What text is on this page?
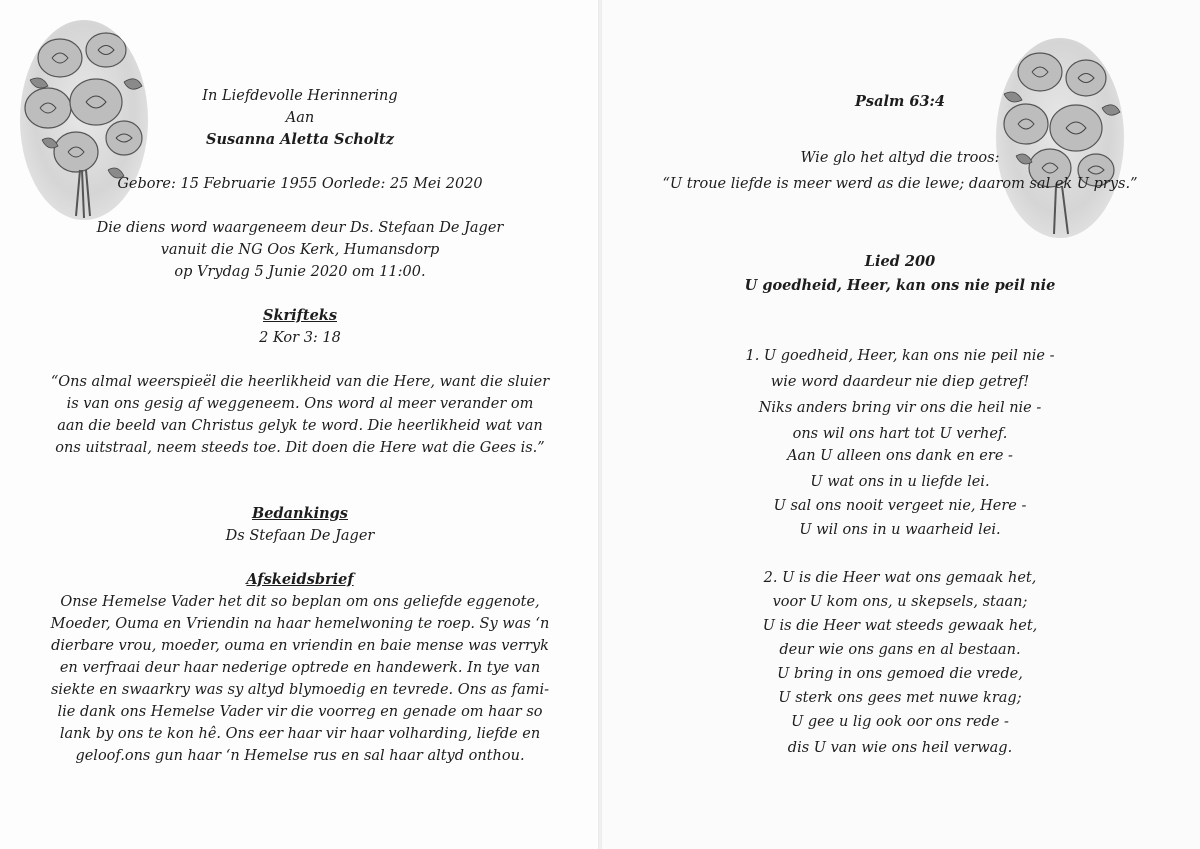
In Liefdevolle Herinnering

Aan

Susanna Aletta Scholtz

Gebore: 15 Februarie 1955 Oorlede: 25 Mei 2020

Die diens word waargeneem deur Ds. Stefaan De Jager

vanuit die NG Oos Kerk, Humansdorp

op Vrydag 5 Junie 2020 om 11:00.

Skrifteks

2 Kor 3: 18

“Ons almal weerspieël die heerlikheid van die Here, want die sluier

is van ons gesig af weggeneem. Ons word al meer verander om

aan die beeld van Christus gelyk te word. Die heerlikheid wat van

ons uitstraal, neem steeds toe. Dit doen die Here wat die Gees is.”

Bedankings

Ds Stefaan De Jager

Afskeidsbrief

Onse Hemelse Vader het dit so beplan om ons geliefde eggenote,

Moeder, Ouma en Vriendin na haar hemelwoning te roep. Sy was ‘n

dierbare vrou, moeder, ouma en vriendin en baie mense was verryk

en verfraai deur haar nederige optrede en handewerk. In tye van

siekte en swaarkry was sy altyd blymoedig en tevrede. Ons as fami-

lie dank ons Hemelse Vader vir die voorreg en genade om haar so

lank by ons te kon hê. Ons eer haar vir haar volharding, liefde en

geloof.ons gun haar ‘n Hemelse rus en sal haar altyd onthou.

Psalm 63:4

Wie glo het altyd die troos:

“U troue liefde is meer werd as die lewe; daarom sal ek U prys.”

Lied 200

U goedheid, Heer, kan ons nie peil nie

1. U goedheid, Heer, kan ons nie peil nie -

wie word daardeur nie diep getref!

Niks anders bring vir ons die heil nie -

ons wil ons hart tot U verhef.

Aan U alleen ons dank en ere -

U wat ons in u liefde lei.

U sal ons nooit vergeet nie, Here -

U wil ons in u waarheid lei.

2. U is die Heer wat ons gemaak het,

voor U kom ons, u skepsels, staan;

U is die Heer wat steeds gewaak het,

deur wie ons gans en al bestaan.

U bring in ons gemoed die vrede,

U sterk ons gees met nuwe krag;

U gee u lig ook oor ons rede -

dis U van wie ons heil verwag.
